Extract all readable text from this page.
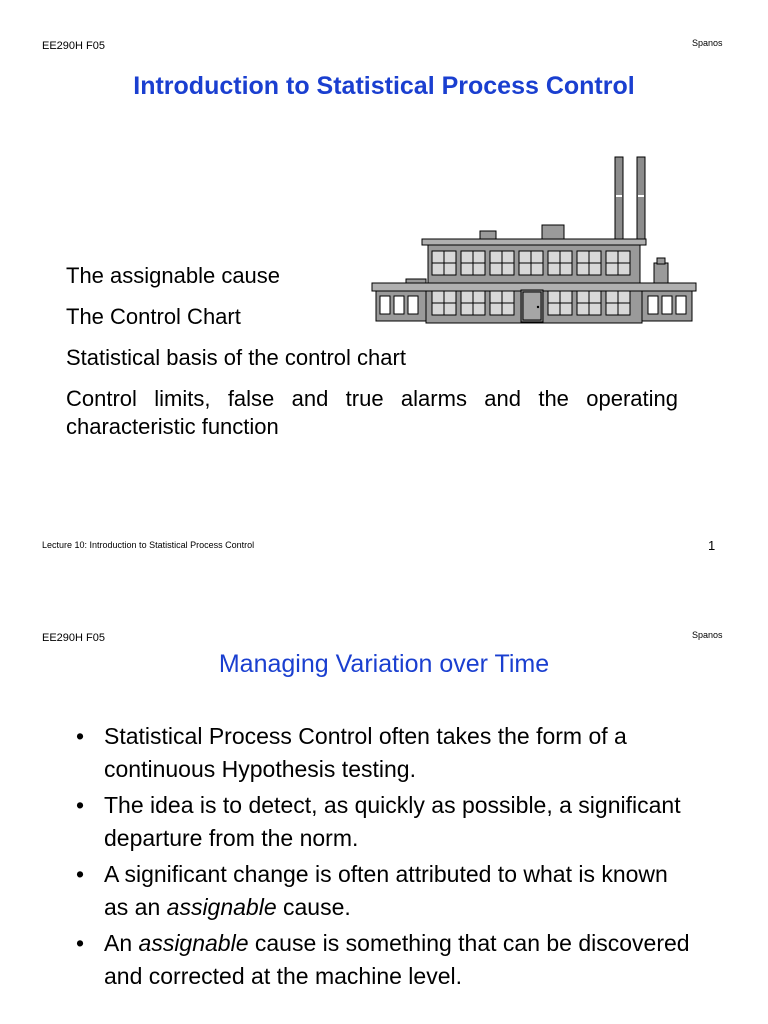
EE290H F05	Spanos
Introduction to Statistical Process Control
The assignable cause
The Control Chart
Statistical basis of the control chart
Control limits, false and true alarms and the operating characteristic function
Lecture 10: Introduction to Statistical Process Control	1
EE290H F05	Spanos
Managing Variation over Time
• Statistical Process Control often takes the form of a continuous Hypothesis testing.
• The idea is to detect, as quickly as possible, a significant departure from the norm.
• A significant change is often attributed to what is known as an assignable cause.
• An assignable cause is something that can be discovered and corrected at the machine level.
